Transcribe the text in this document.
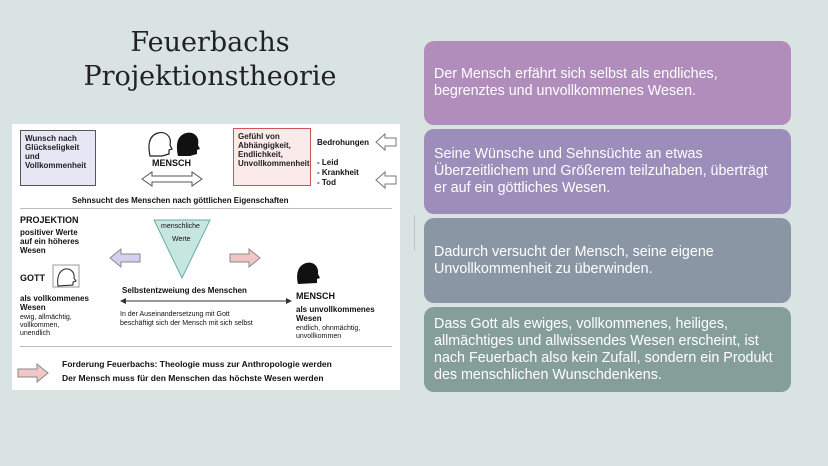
Feuerbachs
Projektionstheorie
Wunsch nach
Glückseligkeit
und
Vollkommenheit	MENSCH
Gefühl von
Abhängigkeit,
Endlichkeit,
Unvollkommenheit
Bedrohungen
- Leid
- Krankheit
- Tod
Sehnsucht des Menschen nach göttlichen Eigenschaften
PROJEKTION
positiver Werte
auf ein höheres
Wesen
menschliche
Werte
GOTT
als vollkommenes
Wesen
ewig, allmächtig,
vollkommen,
unendlich
Selbstentzweiung des Menschen
In der Auseinandersetzung mit Gott
beschäftigt sich der Mensch mit sich selbst
MENSCH
als unvollkommenes
Wesen
endlich, ohnmächtig,
unvollkommen
Forderung Feuerbachs: Theologie muss zur Anthropologie werden
Der Mensch muss für den Menschen das höchste Wesen werden
Der Mensch erfährt sich selbst als endliches, begrenztes und unvollkommenes Wesen.
Seine Wünsche und Sehnsüchte an etwas Überzeitlichem und Größerem teilzuhaben, überträgt er auf ein göttliches Wesen.
Dadurch versucht der Mensch, seine eigene Unvollkommenheit zu überwinden.
Dass Gott als ewiges, vollkommenes, heiliges, allmächtiges und allwissendes Wesen erscheint, ist nach Feuerbach also kein Zufall, sondern ein Produkt des menschlichen Wunschdenkens.
